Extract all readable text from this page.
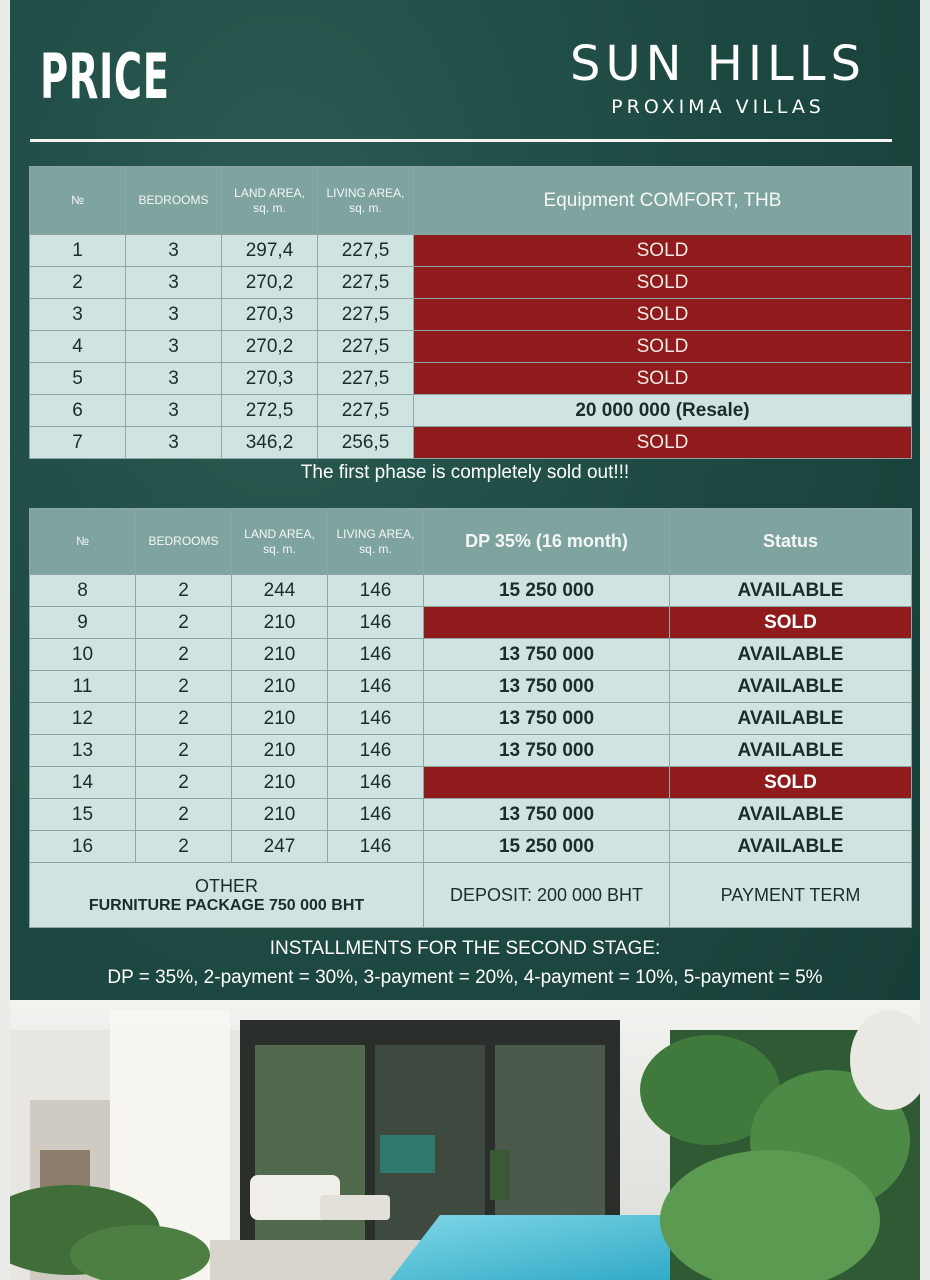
PRICE	SUN HILLS
PROXIMA VILLAS
№	BEDROOMS	LAND AREA,
sq. m.	LIVING AREA,
sq. m.	Equipment COMFORT, THB
1	3	297,4	227,5	SOLD
2	3	270,2	227,5	SOLD
3	3	270,3	227,5	SOLD
4	3	270,2	227,5	SOLD
5	3	270,3	227,5	SOLD
6	3	272,5	227,5	20 000 000 (Resale)
7	3	346,2	256,5	SOLD
The first phase is completely sold out!!!
№	BEDROOMS	LAND AREA,
sq. m.	LIVING AREA,
sq. m.	DP 35% (16 month)	Status
8	2	244	146	15 250 000	AVAILABLE
9	2	210	146		SOLD
10	2	210	146	13 750 000	AVAILABLE
11	2	210	146	13 750 000	AVAILABLE
12	2	210	146	13 750 000	AVAILABLE
13	2	210	146	13 750 000	AVAILABLE
14	2	210	146		SOLD
15	2	210	146	13 750 000	AVAILABLE
16	2	247	146	15 250 000	AVAILABLE

OTHER
FURNITURE PACKAGE 750 000 BHT				DEPOSIT: 200 000 BHT	PAYMENT TERM
INSTALLMENTS FOR THE SECOND STAGE:
DP = 35%, 2-payment = 30%, 3-payment = 20%, 4-payment = 10%, 5-payment = 5%
